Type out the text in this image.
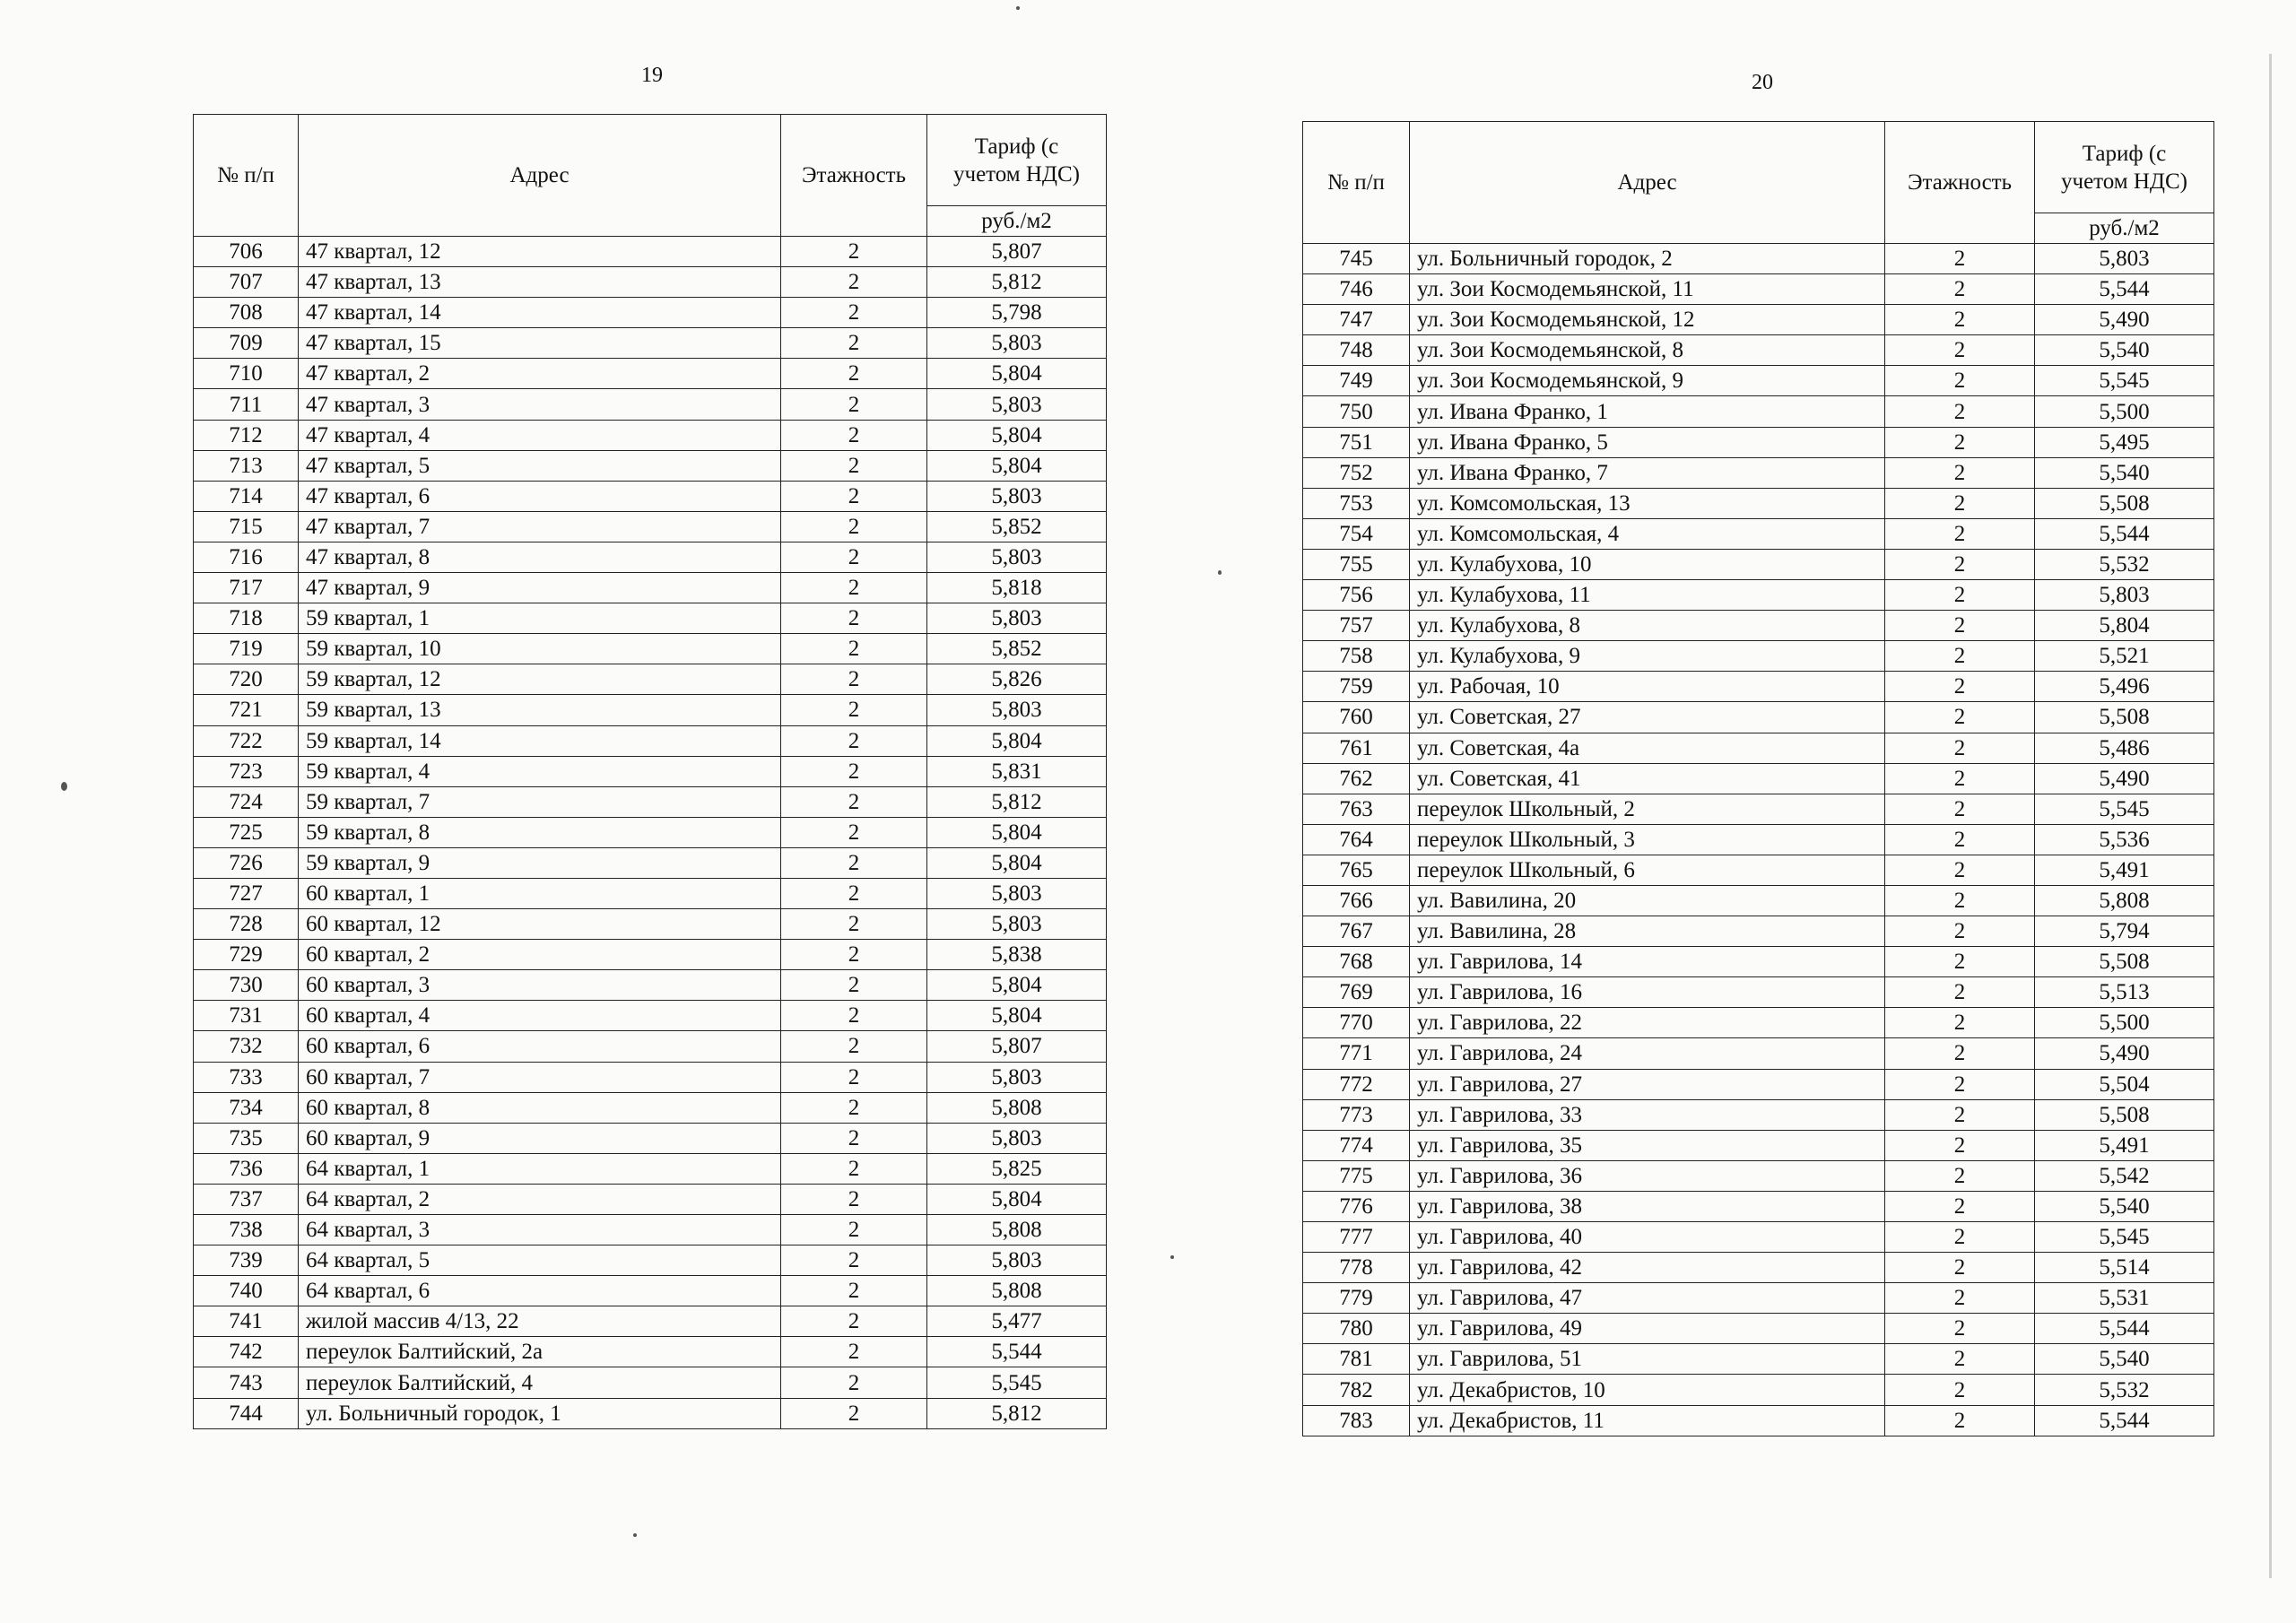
19
№ п/п	Адрес	Этажность	Тариф (с учетом НДС)
			руб./м2
706	47 квартал, 12	2	5,807
707	47 квартал, 13	2	5,812
708	47 квартал, 14	2	5,798
709	47 квартал, 15	2	5,803
710	47 квартал, 2	2	5,804
711	47 квартал, 3	2	5,803
712	47 квартал, 4	2	5,804
713	47 квартал, 5	2	5,804
714	47 квартал, 6	2	5,803
715	47 квартал, 7	2	5,852
716	47 квартал, 8	2	5,803
717	47 квартал, 9	2	5,818
718	59 квартал, 1	2	5,803
719	59 квартал, 10	2	5,852
720	59 квартал, 12	2	5,826
721	59 квартал, 13	2	5,803
722	59 квартал, 14	2	5,804
723	59 квартал, 4	2	5,831
724	59 квартал, 7	2	5,812
725	59 квартал, 8	2	5,804
726	59 квартал, 9	2	5,804
727	60 квартал, 1	2	5,803
728	60 квартал, 12	2	5,803
729	60 квартал, 2	2	5,838
730	60 квартал, 3	2	5,804
731	60 квартал, 4	2	5,804
732	60 квартал, 6	2	5,807
733	60 квартал, 7	2	5,803
734	60 квартал, 8	2	5,808
735	60 квартал, 9	2	5,803
736	64 квартал, 1	2	5,825
737	64 квартал, 2	2	5,804
738	64 квартал, 3	2	5,808
739	64 квартал, 5	2	5,803
740	64 квартал, 6	2	5,808
741	жилой массив 4/13, 22	2	5,477
742	переулок Балтийский, 2а	2	5,544
743	переулок Балтийский, 4	2	5,545
744	ул. Больничный городок, 1	2	5,812
20
№ п/п	Адрес	Этажность	Тариф (с учетом НДС)
			руб./м2
745	ул. Больничный городок, 2	2	5,803
746	ул. Зои Космодемьянской, 11	2	5,544
747	ул. Зои Космодемьянской, 12	2	5,490
748	ул. Зои Космодемьянской, 8	2	5,540
749	ул. Зои Космодемьянской, 9	2	5,545
750	ул. Ивана Франко, 1	2	5,500
751	ул. Ивана Франко, 5	2	5,495
752	ул. Ивана Франко, 7	2	5,540
753	ул. Комсомольская, 13	2	5,508
754	ул. Комсомольская, 4	2	5,544
755	ул. Кулабухова, 10	2	5,532
756	ул. Кулабухова, 11	2	5,803
757	ул. Кулабухова, 8	2	5,804
758	ул. Кулабухова, 9	2	5,521
759	ул. Рабочая, 10	2	5,496
760	ул. Советская, 27	2	5,508
761	ул. Советская, 4а	2	5,486
762	ул. Советская, 41	2	5,490
763	переулок Школьный, 2	2	5,545
764	переулок Школьный, 3	2	5,536
765	переулок Школьный, 6	2	5,491
766	ул. Вавилина, 20	2	5,808
767	ул. Вавилина, 28	2	5,794
768	ул. Гаврилова, 14	2	5,508
769	ул. Гаврилова, 16	2	5,513
770	ул. Гаврилова, 22	2	5,500
771	ул. Гаврилова, 24	2	5,490
772	ул. Гаврилова, 27	2	5,504
773	ул. Гаврилова, 33	2	5,508
774	ул. Гаврилова, 35	2	5,491
775	ул. Гаврилова, 36	2	5,542
776	ул. Гаврилова, 38	2	5,540
777	ул. Гаврилова, 40	2	5,545
778	ул. Гаврилова, 42	2	5,514
779	ул. Гаврилова, 47	2	5,531
780	ул. Гаврилова, 49	2	5,544
781	ул. Гаврилова, 51	2	5,540
782	ул. Декабристов, 10	2	5,532
783	ул. Декабристов, 11	2	5,544
